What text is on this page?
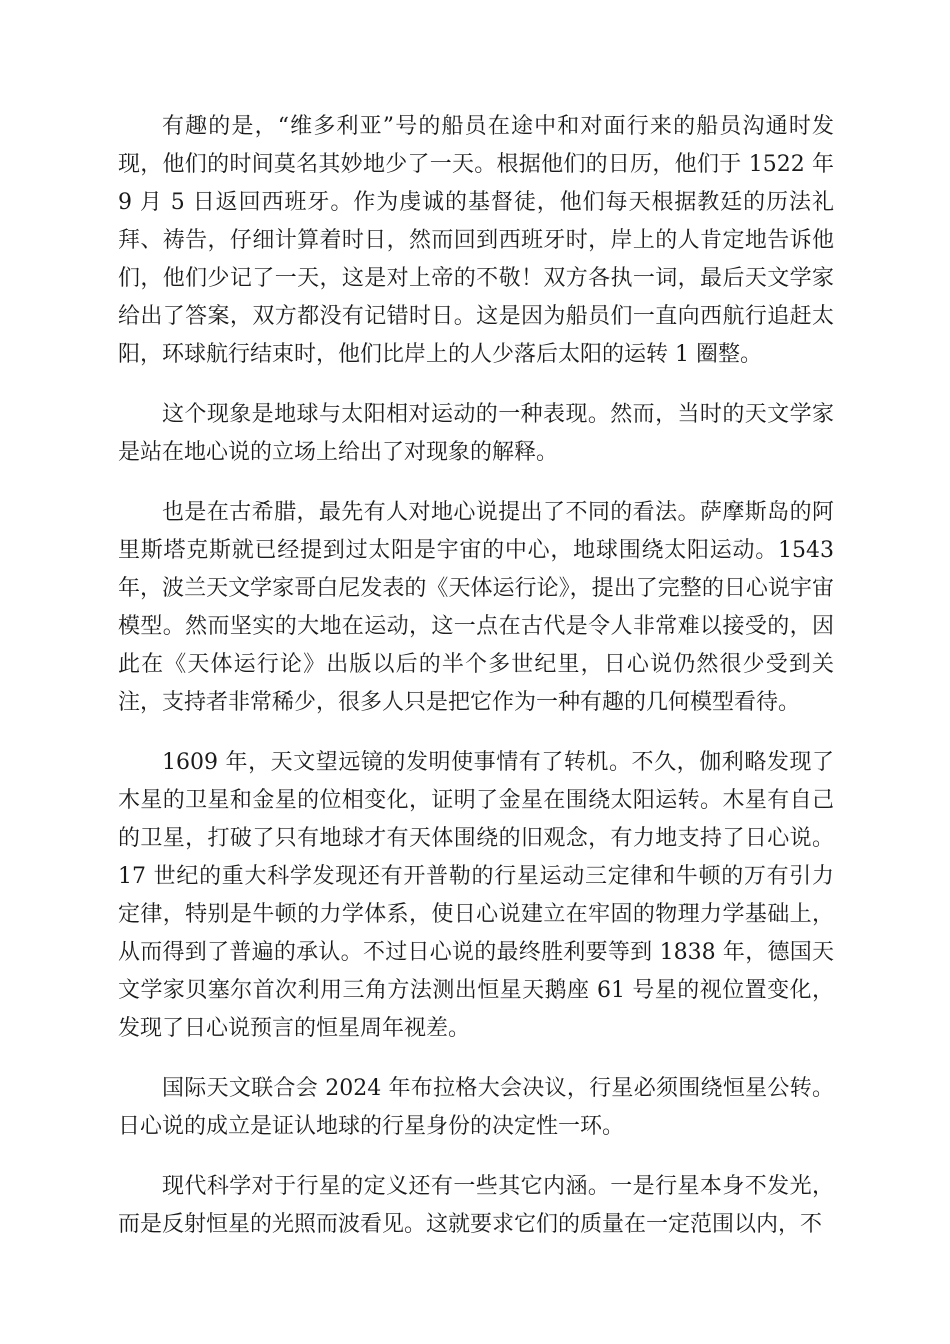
有趣的是，“维多利亚”号的船员在途中和对面行来的船员沟通时发现，他们的时间莫名其妙地少了一天。根据他们的日历，他们于 1522 年 9 月 5 日返回西班牙。作为虔诚的基督徒，他们每天根据教廷的历法礼拜、祷告，仔细计算着时日，然而回到西班牙时，岸上的人肯定地告诉他们，他们少记了一天，这是对上帝的不敬！双方各执一词，最后天文学家给出了答案，双方都没有记错时日。这是因为船员们一直向西航行追赶太阳，环球航行结束时，他们比岸上的人少落后太阳的运转 1 圈整。

这个现象是地球与太阳相对运动的一种表现。然而，当时的天文学家是站在地心说的立场上给出了对现象的解释。

也是在古希腊，最先有人对地心说提出了不同的看法。萨摩斯岛的阿里斯塔克斯就已经提到过太阳是宇宙的中心，地球围绕太阳运动。1543 年，波兰天文学家哥白尼发表的《天体运行论》，提出了完整的日心说宇宙模型。然而坚实的大地在运动，这一点在古代是令人非常难以接受的，因此在《天体运行论》出版以后的半个多世纪里，日心说仍然很少受到关注，支持者非常稀少，很多人只是把它作为一种有趣的几何模型看待。

1609 年，天文望远镜的发明使事情有了转机。不久，伽利略发现了木星的卫星和金星的位相变化，证明了金星在围绕太阳运转。木星有自己的卫星，打破了只有地球才有天体围绕的旧观念，有力地支持了日心说。17 世纪的重大科学发现还有开普勒的行星运动三定律和牛顿的万有引力定律，特别是牛顿的力学体系，使日心说建立在牢固的物理力学基础上，从而得到了普遍的承认。不过日心说的最终胜利要等到 1838 年，德国天文学家贝塞尔首次利用三角方法测出恒星天鹅座 61 号星的视位置变化，发现了日心说预言的恒星周年视差。

国际天文联合会 2024 年布拉格大会决议，行星必须围绕恒星公转。日心说的成立是证认地球的行星身份的决定性一环。

现代科学对于行星的定义还有一些其它内涵。一是行星本身不发光，而是反射恒星的光照而波看见。这就要求它们的质量在一定范围以内，不
